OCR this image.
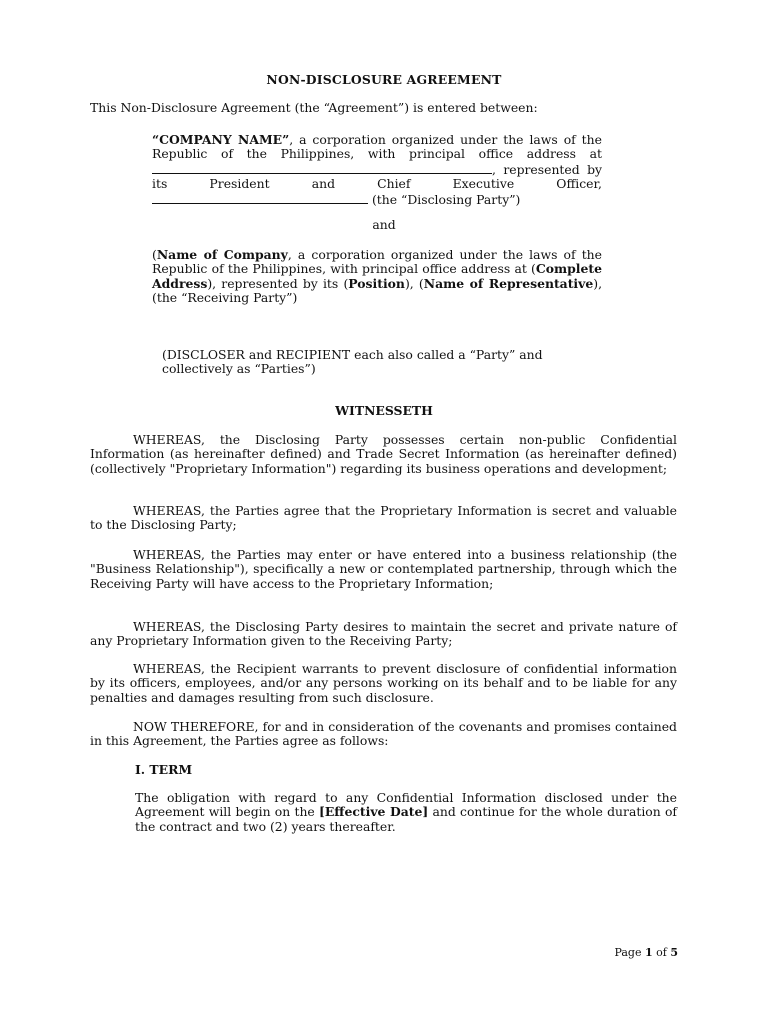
NON-DISCLOSURE AGREEMENT
This Non-Disclosure Agreement (the “Agreement”) is entered between:
“COMPANY NAME”, a corporation organized under the laws of the Republic of the Philippines, with principal office address at , represented by its President and Chief Executive Officer,  (the “Disclosing Party”)
and
(Name of Company, a corporation organized under the laws of the Republic of the Philippines, with principal office address at (Complete Address), represented by its (Position), (Name of Representative), (the “Receiving Party”)
(DISCLOSER and RECIPIENT each also called a “Party” and collectively as “Parties”)
WITNESSETH
WHEREAS, the Disclosing Party possesses certain non-public Confidential Information (as hereinafter defined) and Trade Secret Information (as hereinafter defined) (collectively "Proprietary Information") regarding its business operations and development;
WHEREAS, the Parties agree that the Proprietary Information is secret and valuable to the Disclosing Party;
WHEREAS, the Parties may enter or have entered into a business relationship (the "Business Relationship"), specifically a new or contemplated partnership, through which the Receiving Party will have access to the Proprietary Information;
WHEREAS, the Disclosing Party desires to maintain the secret and private nature of any Proprietary Information given to the Receiving Party;
WHEREAS, the Recipient warrants to prevent disclosure of confidential information by its officers, employees, and/or any persons working on its behalf and to be liable for any penalties and damages resulting from such disclosure.
NOW THEREFORE, for and in consideration of the covenants and promises contained in this Agreement, the Parties agree as follows:
I. TERM
The obligation with regard to any Confidential Information disclosed under the Agreement will begin on the [Effective Date] and continue for the whole duration of the contract and two (2) years thereafter.
Page 1 of 5
